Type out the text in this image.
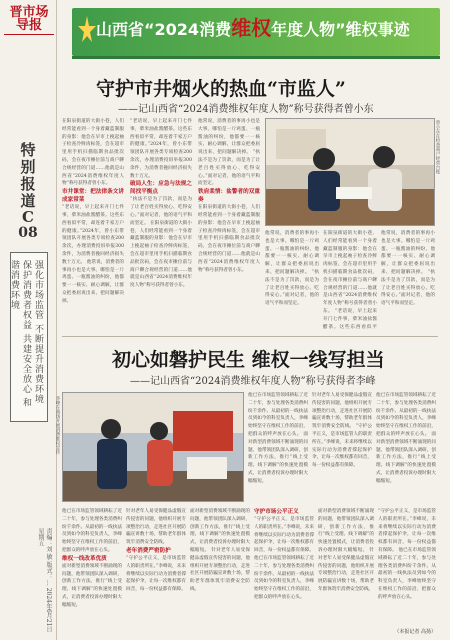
晋市场导报
特别报道
C
08
强化市场监管 不断提升消费环境 保护消费者权益 共建安全放心 和谐消费环境
责编：刘 敏 版式：… 2024年6月21日 星期五
山西省“2024消费维权年度人物”维权事迹
守护市井烟火的热血“市监人”
——记山西省“2024消费维权年度人物”称号获得者曾小东
在阳泉街道的大街小巷，人们经常能看到一个身着藏蓝制服的身影：他会在早市上挽起袖子检查冷鲜肉标签，会在超市里用手机扫描临期食品批次码，会在夜市摊位前与商户聊合规经营的门道……他就是山西省“2024消费维权年度人物”称号获得者曾小东。
市井课堂：把法律条文讲成家常菜
“老话说，早上起来开门七件事，柴米油盐酱醋茶。这些东西看似平常，却连着千家万户的健康。”2024年，曾小东带领团队开展各类专项检查200余次，办理消费投诉举报300余件，为消费者挽回经济损失数十万元。 他常说，消费者的事再小也是大事。哪怕是一斤鸡蛋、一瓶酱油的纠纷，他都要一一核实、耐心调解，让群众把委屈说出来、把问题解决掉。
“老话说，早上起来开门七件事，柴米油盐酱醋茶。这些东西看似平常，却连着千家万户的健康。”2024年，曾小东带领团队开展各类专项检查200余次，办理消费投诉举报300余件，为消费者挽回经济损失数十万元。
破局人生：应急与法规之间找平衡点
“执法不是为了罚款，而是为了让老百姓买得放心、吃得安心。”面对记者，他的语气平和而坚定。 在阳泉街道的大街小巷，人们经常能看到一个身着藏蓝制服的身影：他会在早市上挽起袖子检查冷鲜肉标签，会在超市里用手机扫描临期食品批次码，会在夜市摊位前与商户聊合规经营的门道……他就是山西省“2024消费维权年度人物”称号获得者曾小东。
他常说，消费者的事再小也是大事。哪怕是一斤鸡蛋、一瓶酱油的纠纷，他都要一一核实、耐心调解，让群众把委屈说出来、把问题解决掉。 “执法不是为了罚款，而是为了让老百姓买得放心、吃得安心。”面对记者，他的语气平和而坚定。
铁肩柔情：盐警者的双重奏
在阳泉街道的大街小巷，人们经常能看到一个身着藏蓝制服的身影：他会在早市上挽起袖子检查冷鲜肉标签，会在超市里用手机扫描临期食品批次码，会在夜市摊位前与商户聊合规经营的门道……他就是山西省“2024消费维权年度人物”称号获得者曾小东。
曾小东在检查商户经营台账
他常说，消费者的事再小也是大事。哪怕是一斤鸡蛋、一瓶酱油的纠纷，他都要一一核实、耐心调解，让群众把委屈说出来、把问题解决掉。 “执法不是为了罚款，而是为了让老百姓买得放心、吃得安心。”面对记者，他的语气平和而坚定。
在阳泉街道的大街小巷，人们经常能看到一个身着藏蓝制服的身影：他会在早市上挽起袖子检查冷鲜肉标签，会在超市里用手机扫描临期食品批次码，会在夜市摊位前与商户聊合规经营的门道……他就是山西省“2024消费维权年度人物”称号获得者曾小东。 “老话说，早上起来开门七件事，柴米油盐酱醋茶。这些东西看似平
他常说，消费者的事再小也是大事。哪怕是一斤鸡蛋、一瓶酱油的纠纷，他都要一一核实、耐心调解，让群众把委屈说出来、把问题解决掉。 “执法不是为了罚款，而是为了让老百姓买得放心、吃得安心。”面对记者，他的语气平和而坚定。
初心如磐护民生 维权一线写担当
——记山西省“2024消费维权年度人物”称号获得者李峰
李峰在商场开展消费维权宣传
他已在市场监管领域耕耘了近二十年，参与处理各类消费纠纷千余件。从最初的一线执法员到如今的科室负责人，李峰始终坚守在维权工作的前沿，把群众的呼声放在心头。 面对新型消费领域不断涌现的问题，他带领团队深入调研，创新工作方法，推行“线上受理、线下调解”的快速处置模式，让消费者投诉办理时限大幅缩短。
针对老年人易受保健品虚假宣传侵害的问题，他组织开展专项整治行动，走进社区开展防骗宣讲数十场，帮助老年群体筑牢消费安全防线。 “守护公平正义，是市场监管人的职责所在。”李峰说，未来将继续以实际行动为消费者撑起保护伞，让每一次维权都有回音，每一份权益都有保障。
他已在市场监管领域耕耘了近二十年，参与处理各类消费纠纷千余件。从最初的一线执法员到如今的科室负责人，李峰始终坚守在维权工作的前沿，把群众的呼声放在心头。 面对新型消费领域不断涌现的问题，他带领团队深入调研，创新工作方法，推行“线上受理、线下调解”的快速处置模式，让消费者投诉办理时限大幅缩短。
他已在市场监管领域耕耘了近二十年，参与处理各类消费纠纷千余件。从最初的一线执法员到如今的科室负责人，李峰始终坚守在维权工作的前沿，把群众的呼声放在心头。
维权一线改革优质
面对新型消费领域不断涌现的问题，他带领团队深入调研，创新工作方法，推行“线上受理、线下调解”的快速处置模式，让消费者投诉办理时限大幅缩短。
针对老年人易受保健品虚假宣传侵害的问题，他组织开展专项整治行动，走进社区开展防骗宣讲数十场，帮助老年群体筑牢消费安全防线。
老年消费严密防护
“守护公平正义，是市场监管人的职责所在。”李峰说，未来将继续以实际行动为消费者撑起保护伞，让每一次维权都有回音，每一份权益都有保障。
面对新型消费领域不断涌现的问题，他带领团队深入调研，创新工作方法，推行“线上受理、线下调解”的快速处置模式，让消费者投诉办理时限大幅缩短。 针对老年人易受保健品虚假宣传侵害的问题，他组织开展专项整治行动，走进社区开展防骗宣讲数十场，帮助老年群体筑牢消费安全防线。
守护市场公平正义
“守护公平正义，是市场监管人的职责所在。”李峰说，未来将继续以实际行动为消费者撑起保护伞，让每一次维权都有回音，每一份权益都有保障。 他已在市场监管领域耕耘了近二十年，参与处理各类消费纠纷千余件。从最初的一线执法员到如今的科室负责人，李峰始终坚守在维权工作的前沿，把群众的呼声放在心头。
面对新型消费领域不断涌现的问题，他带领团队深入调研，创新工作方法，推行“线上受理、线下调解”的快速处置模式，让消费者投诉办理时限大幅缩短。 针对老年人易受保健品虚假宣传侵害的问题，他组织开展专项整治行动，走进社区开展防骗宣讲数十场，帮助老年群体筑牢消费安全防线。
“守护公平正义，是市场监管人的职责所在。”李峰说，未来将继续以实际行动为消费者撑起保护伞，让每一次维权都有回音，每一份权益都有保障。 他已在市场监管领域耕耘了近二十年，参与处理各类消费纠纷千余件。从最初的一线执法员到如今的科室负责人，李峰始终坚守在维权工作的前沿，把群众的呼声放在心头。
（本报记者 高扬）
